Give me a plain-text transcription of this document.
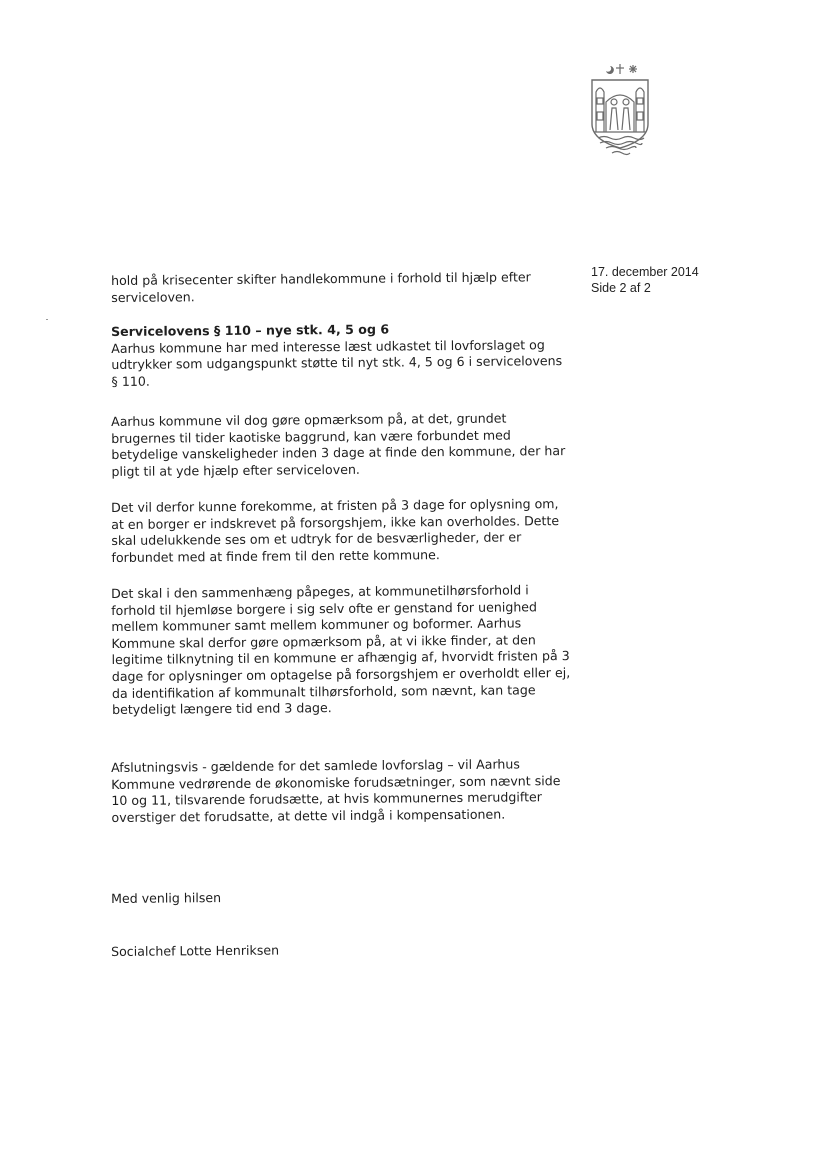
17. december 2014
Side 2 af 2

hold på krisecenter skifter handlekommune i forhold til hjælp efter serviceloven.

Servicelovens § 110 – nye stk. 4, 5 og 6

Aarhus kommune har med interesse læst udkastet til lovforslaget og udtrykker som udgangspunkt støtte til nyt stk. 4, 5 og 6 i servicelovens § 110.

Aarhus kommune vil dog gøre opmærksom på, at det, grundet brugernes til tider kaotiske baggrund, kan være forbundet med betydelige vanskeligheder inden 3 dage at finde den kommune, der har pligt til at yde hjælp efter serviceloven.

Det vil derfor kunne forekomme, at fristen på 3 dage for oplysning om, at en borger er indskrevet på forsorgshjem, ikke kan overholdes. Dette skal udelukkende ses om et udtryk for de besværligheder, der er forbundet med at finde frem til den rette kommune.

Det skal i den sammenhæng påpeges, at kommunetilhørsforhold i forhold til hjemløse borgere i sig selv ofte er genstand for uenighed mellem kommuner samt mellem kommuner og boformer. Aarhus Kommune skal derfor gøre opmærksom på, at vi ikke finder, at den legitime tilknytning til en kommune er afhængig af, hvorvidt fristen på 3 dage for oplysninger om optagelse på forsorgshjem er overholdt eller ej, da identifikation af kommunalt tilhørsforhold, som nævnt, kan tage betydeligt længere tid end 3 dage.

Afslutningsvis - gældende for det samlede lovforslag – vil Aarhus Kommune vedrørende de økonomiske forudsætninger, som nævnt side 10 og 11, tilsvarende forudsætte, at hvis kommunernes merudgifter overstiger det forudsatte, at dette vil indgå i kompensationen.

Med venlig hilsen

Socialchef Lotte Henriksen
